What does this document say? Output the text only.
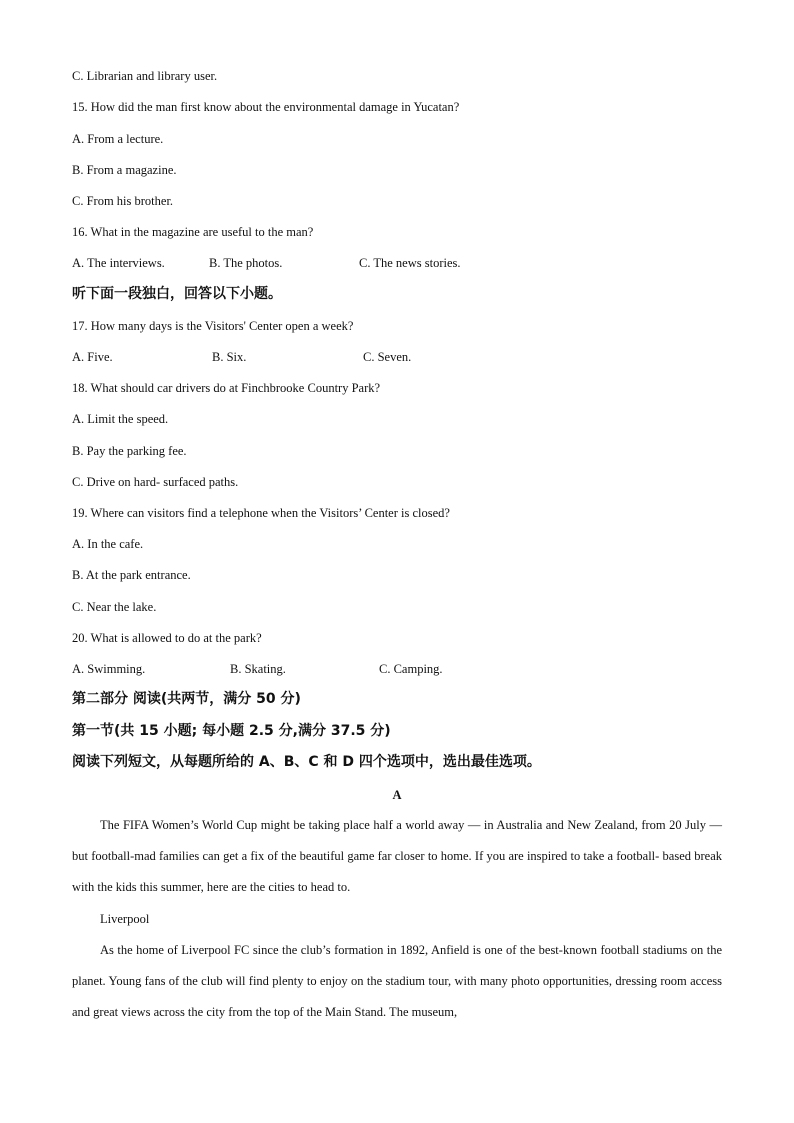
C. Librarian and library user.
15. How did the man first know about the environmental damage in Yucatan?
A. From a lecture.
B. From a magazine.
C. From his brother.
16. What in the magazine are useful to the man?
A. The interviews.	B. The photos.	C. The news stories.
听下面一段独白，回答以下小题。
17. How many days is the Visitors' Center open a week?
A. Five.	B. Six.	C. Seven.
18. What should car drivers do at Finchbrooke Country Park?
A. Limit the speed.
B. Pay the parking fee.
C. Drive on hard- surfaced paths.
19. Where can visitors find a telephone when the Visitors’ Center is closed?
A. In the cafe.
B. At the park entrance.
C. Near the lake.
20. What is allowed to do at the park?
A. Swimming.	B. Skating.	C. Camping.
第二部分 阅读(共两节，满分 50 分)
第一节(共 15 小题; 每小题 2.5 分,满分 37.5 分)
阅读下列短文，从每题所给的 A、B、C 和 D 四个选项中，选出最佳选项。
A

The FIFA Women’s World Cup might be taking place half a world away — in Australia and New Zealand, from 20 July — but football-mad families can get a fix of the beautiful game far closer to home. If you are inspired to take a football- based break with the kids this summer, here are the cities to head to.

Liverpool

As the home of Liverpool FC since the club’s formation in 1892, Anfield is one of the best-known football stadiums on the planet. Young fans of the club will find plenty to enjoy on the stadium tour, with many photo opportunities, dressing room access and great views across the city from the top of the Main Stand. The museum,
